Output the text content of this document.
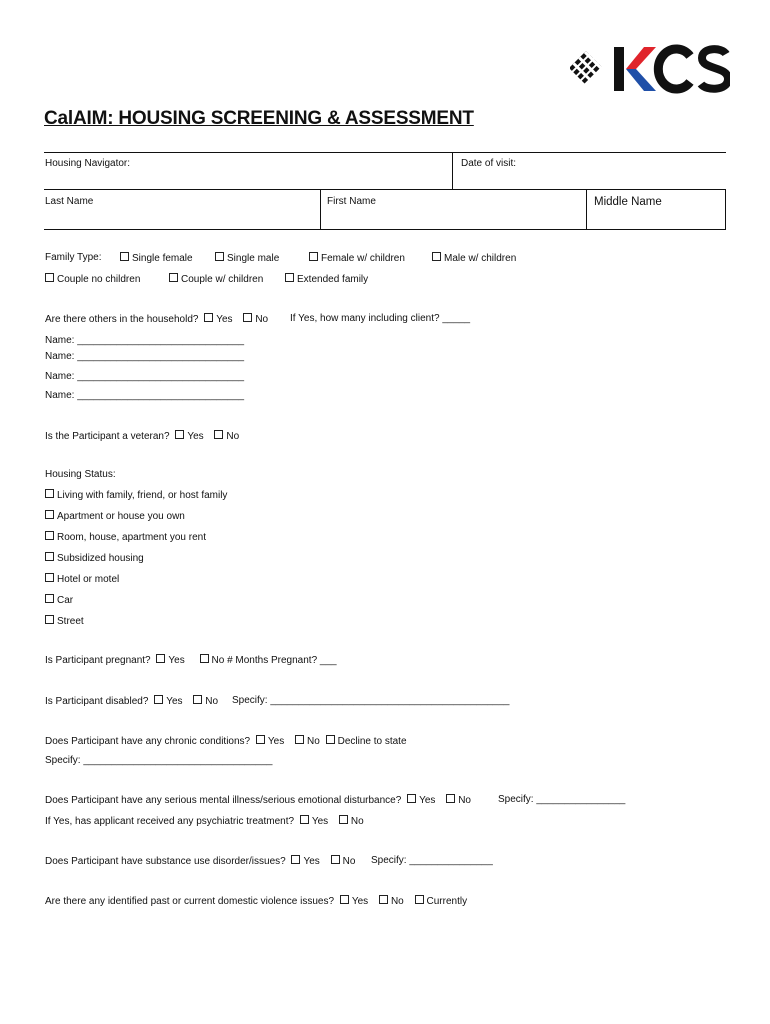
CalAIM: HOUSING SCREENING & ASSESSMENT
Housing Navigator:	Date of visit:
Last Name	First Name	Middle Name
Family Type:	Single female	Single male	Female w/ children	Male w/ children
Couple no children	Couple w/ children	Extended family
Are there others in the household? Yes No If Yes, how many including client? _____
Name: ______________________________
Name: ______________________________
Name: ______________________________
Name: ______________________________
Is the Participant a veteran? Yes No
Housing Status:
Living with family, friend, or host family
Apartment or house you own
Room, house, apartment you rent
Subsidized housing
Hotel or motel
Car
Street
Is Participant pregnant? Yes	No # Months Pregnant? ___
Is Participant disabled? Yes No Specify: ___________________________________________
Does Participant have any chronic conditions? Yes No Decline to state
Specify: __________________________________
Does Participant have any serious mental illness/serious emotional disturbance? Yes No	Specify: ________________
If Yes, has applicant received any psychiatric treatment? Yes No
Does Participant have substance use disorder/issues? Yes No Specify: _______________
Are there any identified past or current domestic violence issues? Yes No Currently
